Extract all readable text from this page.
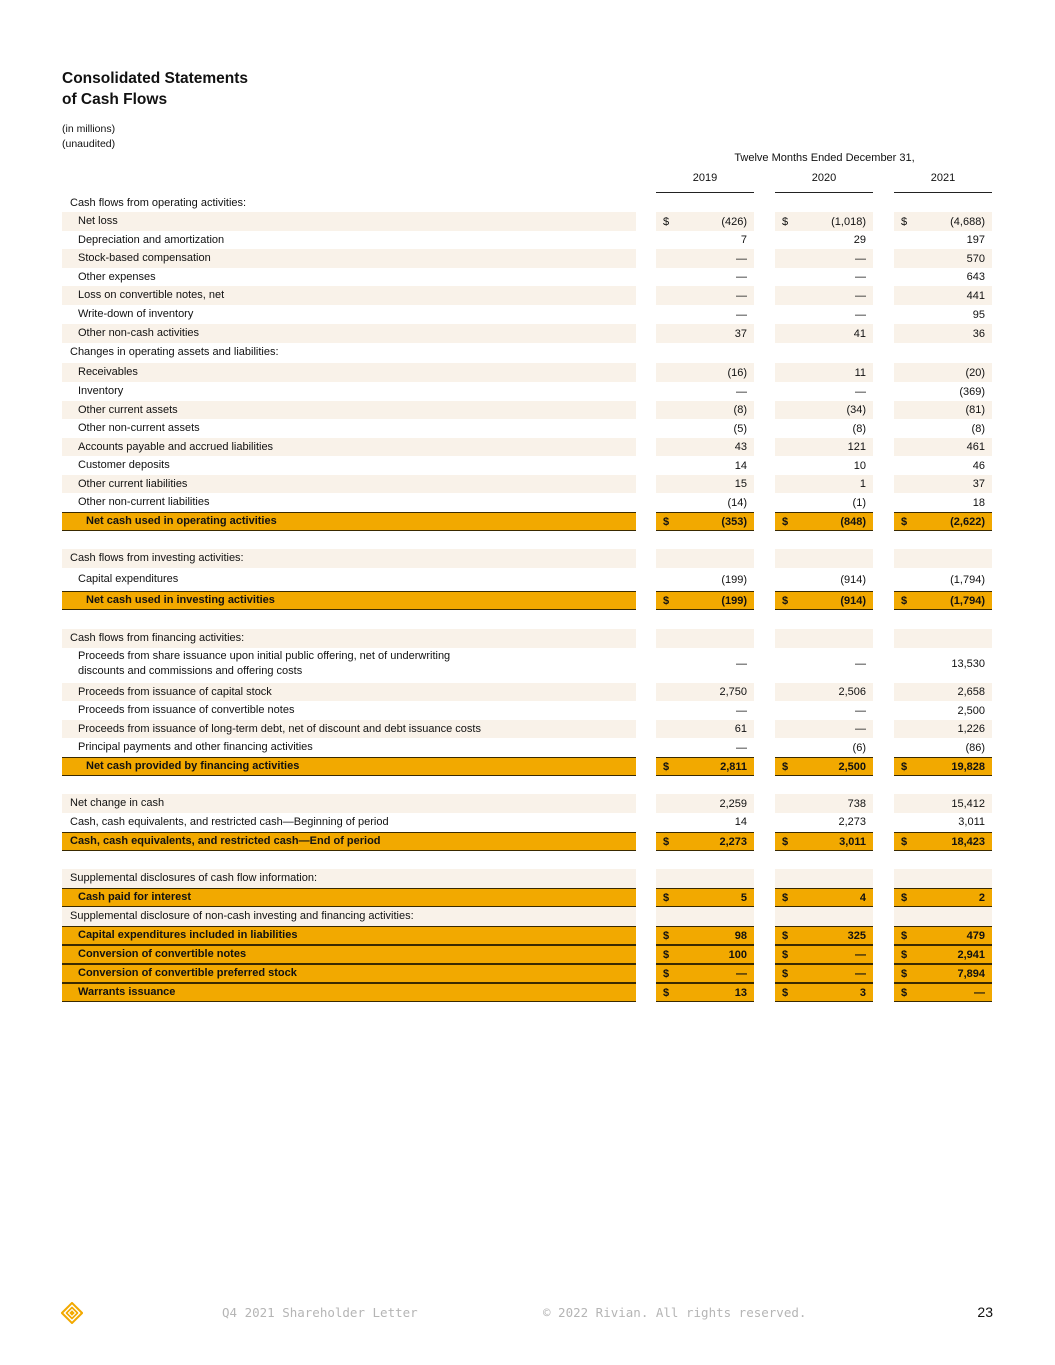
Consolidated Statements
of Cash Flows
(in millions)
(unaudited)
Twelve Months Ended December 31,
2019	2020	2021
Cash flows from operating activities:
Net loss	$	(426)	$	(1,018)	$	(4,688)
Depreciation and amortization	7	29	197
Stock-based compensation	—	—	570
Other expenses	—	—	643
Loss on convertible notes, net	—	—	441
Write-down of inventory	—	—	95
Other non-cash activities	37	41	36
Changes in operating assets and liabilities:
Receivables	(16)	11	(20)
Inventory	—	—	(369)
Other current assets	(8)	(34)	(81)
Other non-current assets	(5)	(8)	(8)
Accounts payable and accrued liabilities	43	121	461
Customer deposits	14	10	46
Other current liabilities	15	1	37
Other non-current liabilities	(14)	(1)	18
Net cash used in operating activities	$	(353)	$	(848)	$	(2,622)
Cash flows from investing activities:
Capital expenditures	(199)	(914)	(1,794)
Net cash used in investing activities	$	(199)	$	(914)	$	(1,794)
Cash flows from financing activities:
Proceeds from share issuance upon initial public offering, net of underwriting
discounts and commissions and offering costs
—	—	13,530
Proceeds from issuance of capital stock	2,750	2,506	2,658
Proceeds from issuance of convertible notes	—	—	2,500
Proceeds from issuance of long-term debt, net of discount and debt issuance costs	61	—	1,226
Principal payments and other financing activities	—	(6)	(86)
Net cash provided by financing activities	$	2,811	$	2,500	$	19,828
Net change in cash	2,259	738	15,412
Cash, cash equivalents, and restricted cash—Beginning of period	14	2,273	3,011
Cash, cash equivalents, and restricted cash—End of period	$	2,273	$	3,011	$	18,423
Supplemental disclosures of cash flow information:
Cash paid for interest	$	5	$	4	$	2
Supplemental disclosure of non-cash investing and financing activities:
Capital expenditures included in liabilities	$	98	$	325	$	479
Conversion of convertible notes	$	100	$	—	$	2,941
Conversion of convertible preferred stock	$	—	$	—	$	7,894
Warrants issuance	$	13	$	3	$	—
Q4 2021 Shareholder Letter	© 2022 Rivian. All rights reserved.	23
